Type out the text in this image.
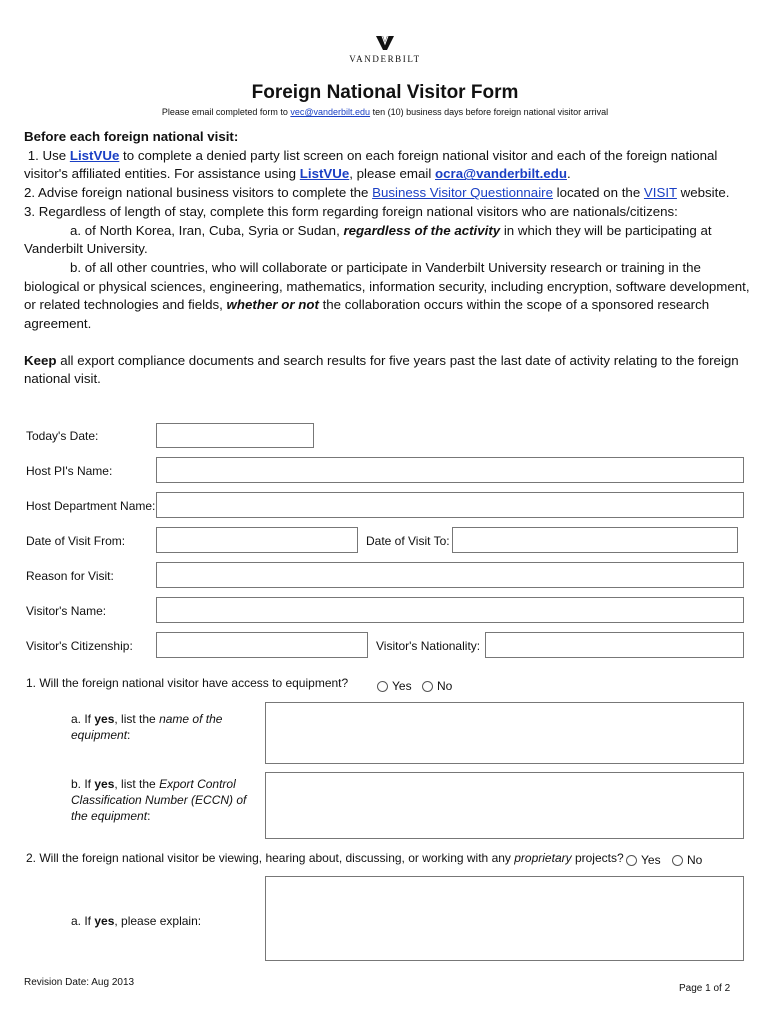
VANDERBILT
Foreign National Visitor Form
Please email completed form to vec@vanderbilt.edu ten (10) business days before foreign national visitor arrival

Before each foreign national visit:

1. Use ListVUe to complete a denied party list screen on each foreign national visitor and each of the foreign national visitor's affiliated entities. For assistance using ListVUe, please email ocra@vanderbilt.edu.

2. Advise foreign national business visitors to complete the Business Visitor Questionnaire located on the VISIT website.

3. Regardless of length of stay, complete this form regarding foreign national visitors who are nationals/citizens:

a. of North Korea, Iran, Cuba, Syria or Sudan, regardless of the activity in which they will be participating at Vanderbilt University.

b. of all other countries, who will collaborate or participate in Vanderbilt University research or training in the biological or physical sciences, engineering, mathematics, information security, including encryption, software development, or related technologies and fields, whether or not the collaboration occurs within the scope of a sponsored research agreement.

Keep all export compliance documents and search results for five years past the last date of activity relating to the foreign national visit.

Today's Date:
Host PI's Name:
Host Department Name:
Date of Visit From:	Date of Visit To:
Reason for Visit:
Visitor's Name:
Visitor's Citizenship:	Visitor's Nationality:
1. Will the foreign national visitor have access to equipment?	Yes	No
a. If yes, list the name of the equipment:
b. If yes, list the Export Control Classification Number (ECCN) of the equipment:
2. Will the foreign national visitor be viewing, hearing about, discussing, or working with any proprietary projects?	Yes	No
a. If yes, please explain:
Revision Date: Aug 2013
Page 1 of 2
